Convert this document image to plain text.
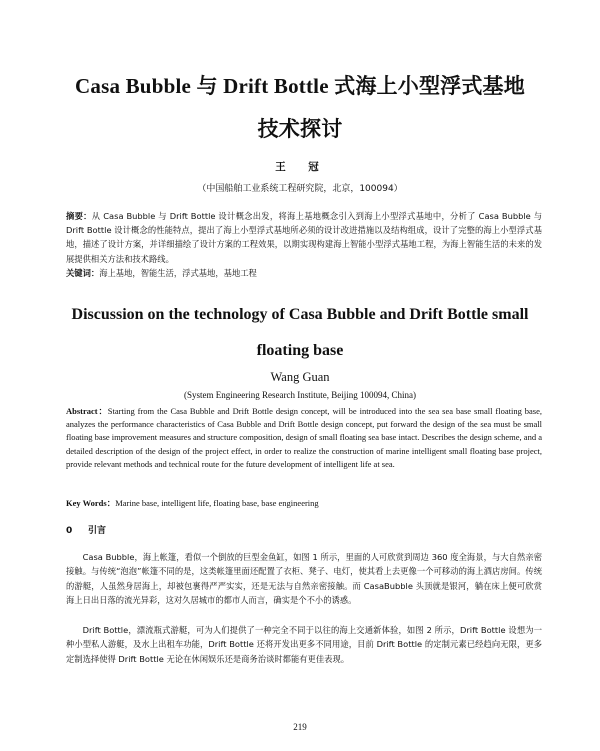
Casa Bubble 与 Drift Bottle 式海上小型浮式基地
技术探讨
王　冠
（中国船舶工业系统工程研究院，北京，100094）
摘要：从 Casa Bubble 与 Drift Bottle 设计概念出发，将海上基地概念引入到海上小型浮式基地中，分析了 Casa Bubble 与 Drift Bottle 设计概念的性能特点，提出了海上小型浮式基地所必须的设计改进措施以及结构组成，设计了完整的海上小型浮式基地，描述了设计方案，并详细描绘了设计方案的工程效果，以期实现构建海上智能小型浮式基地工程，为海上智能生活的未来的发展提供相关方法和技术路线。
关键词：海上基地，智能生活，浮式基地，基地工程
Discussion on the technology of Casa Bubble and Drift Bottle small
floating base
Wang Guan
(System Engineering Research Institute, Beijing 100094, China)
Abstract：Starting from the Casa Bubble and Drift Bottle design concept, will be introduced into the sea sea base small floating base, analyzes the performance characteristics of Casa Bubble and Drift Bottle design concept, put forward the design of the sea must be small floating base improvement measures and structure composition, design of small floating sea base intact. Describes the design scheme, and a detailed description of the design of the project effect, in order to realize the construction of marine intelligent small floating base project, provide relevant methods and technical route for the future development of intelligent life at sea.
Key Words：Marine base, intelligent life, floating base, base engineering
0 引言

Casa Bubble，海上帐篷，看似一个倒放的巨型金鱼缸，如图 1 所示，里面的人可欣赏到周边 360 度全海景，与大自然亲密接触。与传统“泡泡”帐篷不同的是，这类帐篷里面还配置了衣柜、凳子、电灯，使其看上去更像一个可移动的海上酒店房间。传统的游艇，人虽然身居海上，却被包裹得严严实实，还是无法与自然亲密接触。而 CasaBubble 头顶就是银河，躺在床上便可欣赏海上日出日落的流光异彩，这对久居城市的都市人而言，确实是个不小的诱惑。

Drift Bottle，漂流瓶式游艇，可为人们提供了一种完全不同于以往的海上交通新体验，如图 2 所示，Drift Bottle 设想为一种小型私人游艇，及水上出租车功能，Drift Bottle 还将开发出更多不同用途，目前 Drift Bottle 的定制元素已经趋向无限，更多定制选择使得 Drift Bottle 无论在休闲娱乐还是商务治谈时都能有更佳表现。

219
